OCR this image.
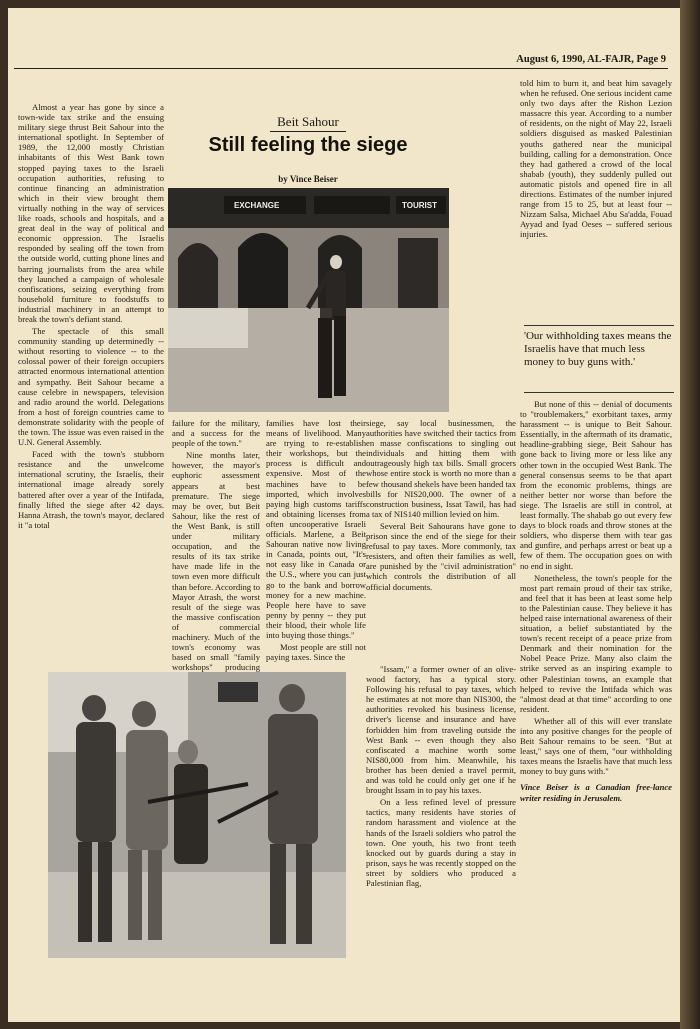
August 6, 1990, AL-FAJR, Page 9

Almost a year has gone by since a town-wide tax strike and the ensuing military siege thrust Beit Sahour into the international spotlight. In September of 1989, the 12,000 mostly Christian inhabitants of this West Bank town stopped paying taxes to the Israeli occupation authorities, refusing to continue financing an administration which in their view brought them virtually nothing in the way of services like roads, schools and hospitals, and a great deal in the way of political and economic oppression. The Israelis responded by sealing off the town from the outside world, cutting phone lines and barring journalists from the area while they launched a campaign of wholesale confiscations, seizing everything from household furniture to foodstuffs to industrial machinery in an attempt to break the town's defiant stand.

The spectacle of this small community standing up determinedly -- without resorting to violence -- to the colossal power of their foreign occupiers attracted enormous international attention and sympathy. Beit Sahour became a cause celebre in newspapers, television and radio around the world. Delegations from a host of foreign countries came to demonstrate solidarity with the people of the town. The issue was even raised in the U.N. General Assembly.

Faced with the town's stubborn resistance and the unwelcome international scrutiny, the Israelis, their international image already sorely battered after over a year of the Intifada, finally lifted the siege after 42 days. Hanna Atrash, the town's mayor, declared it "a total

Beit Sahour
Still feeling the siege
by Vince Beiser
EXCHANGE	TOURIST

failure for the military, and a success for the people of the town."

Nine months later, however, the mayor's euphoric assessment appears at best premature. The siege may be over, but Beit Sahour, like the rest of the West Bank, is still under military occupation, and the results of its tax strike have made life in the town even more difficult than before. According to Mayor Atrash, the worst result of the siege was the massive confiscation of commercial machinery. Much of the town's economy was based on small "family workshops" producing

families have lost their means of livelihood. Many are trying to re-establish their workshops, but the process is difficult and expensive. Most of the machines have to be imported, which involves paying high customs tariffs and obtaining licenses from often uncooperative Israeli officials. Marlene, a Beit Sahouran native now living in Canada, points out, "It's not easy like in Canada or the U.S., where you can just go to the bank and borrow money for a new machine. People here have to save penny by penny -- they put their blood, their whole life into buying those things."

Most people are still not paying taxes. Since the

siege, say local businessmen, the authorities have switched their tactics from en masse confiscations to singling out individuals and hitting them with outrageously high tax bills. Small grocers whose entire stock is worth no more than a few thousand shekels have been handed tax bills for NIS20,000. The owner of a construction business, Issat Tawil, has had a tax of NIS140 million levied on him.

Several Beit Sahourans have gone to prison since the end of the siege for their refusal to pay taxes. More commonly, tax resisters, and often their families as well, are punished by the "civil administration" which controls the distribution of all official documents.

"Issam," a former owner of an olive-wood factory, has a typical story. Following his refusal to pay taxes, which he estimates at not more than NIS300, the authorities revoked his business license, driver's license and insurance and have forbidden him from traveling outside the West Bank -- even though they also confiscated a machine worth some NIS80,000 from him. Meanwhile, his brother has been denied a travel permit, and was told he could only get one if he brought Issam in to pay his taxes.

On a less refined level of pressure tactics, many residents have stories of random harassment and violence at the hands of the Israeli soldiers who patrol the town. One youth, his two front teeth knocked out by guards during a stay in prison, says he was recently stopped on the street by soldiers who produced a Palestinian flag,

told him to burn it, and beat him savagely when he refused. One serious incident came only two days after the Rishon Lezion massacre this year. According to a number of residents, on the night of May 22, Israeli soldiers disguised as masked Palestinian youths gathered near the municipal building, calling for a demonstration. Once they had gathered a crowd of the local shabab (youth), they suddenly pulled out automatic pistols and opened fire in all directions. Estimates of the number injured range from 15 to 25, but at least four -- Nizzam Salsa, Michael Abu Sa'adda, Fouad Ayyad and Iyad Oeses -- suffered serious injuries.

'Our withholding taxes means the Israelis have that much less money to buy guns with.'

But none of this -- denial of documents to "troublemakers," exorbitant taxes, army harassment -- is unique to Beit Sahour. Essentially, in the aftermath of its dramatic, headline-grabbing siege, Beit Sahour has gone back to living more or less like any other town in the occupied West Bank. The general consensus seems to be that apart from the economic problems, things are neither better nor worse than before the siege. The Israelis are still in control, at least formally. The shabab go out every few days to block roads and throw stones at the soldiers, who disperse them with tear gas and gunfire, and perhaps arrest or beat up a few of them. The occupation goes on with no end in sight.

Nonetheless, the town's people for the most part remain proud of their tax strike, and feel that it has been at least some help to the Palestinian cause. They believe it has helped raise international awareness of their situation, a belief substantiated by the town's recent receipt of a peace prize from Denmark and their nomination for the Nobel Peace Prize. Many also claim the strike served as an inspiring example to other Palestinian towns, an example that helped to revive the Intifada which was "almost dead at that time" according to one resident.

Whether all of this will ever translate into any positive changes for the people of Beit Sahour remains to be seen. "But at least," says one of them, "our withholding taxes means the Israelis have that much less money to buy guns with."

Vince Beiser is a Canadian free-lance writer residing in Jerusalem.
